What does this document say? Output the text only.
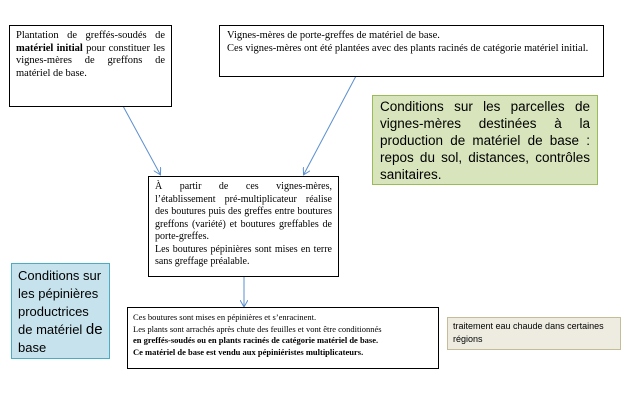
Plantation de greffés-soudés de matériel initial pour constituer les vignes-mères de greffons de matériel de base.
Vignes-mères de porte-greffes de matériel de base.
Ces vignes-mères ont été plantées avec des plants racinés de catégorie matériel initial.
Conditions sur les parcelles de vignes-mères destinées à la production de matériel de base : repos du sol, distances, contrôles sanitaires.
À partir de ces vignes-mères, l’établissement pré-multiplicateur réalise des boutures puis des greffes entre boutures greffons (variété) et boutures greffables de porte-greffes.
Les boutures pépinières sont mises en terre sans greffage préalable.
Conditions sur les pépinières productrices de matériel de base
Ces boutures sont mises en pépinières et s’enracinent.
Les plants sont arrachés après chute des feuilles et vont être conditionnés
en greffés-soudés ou en plants racinés de catégorie matériel de base.
Ce matériel de base est vendu aux pépiniéristes multiplicateurs.
traitement eau chaude dans certaines régions
